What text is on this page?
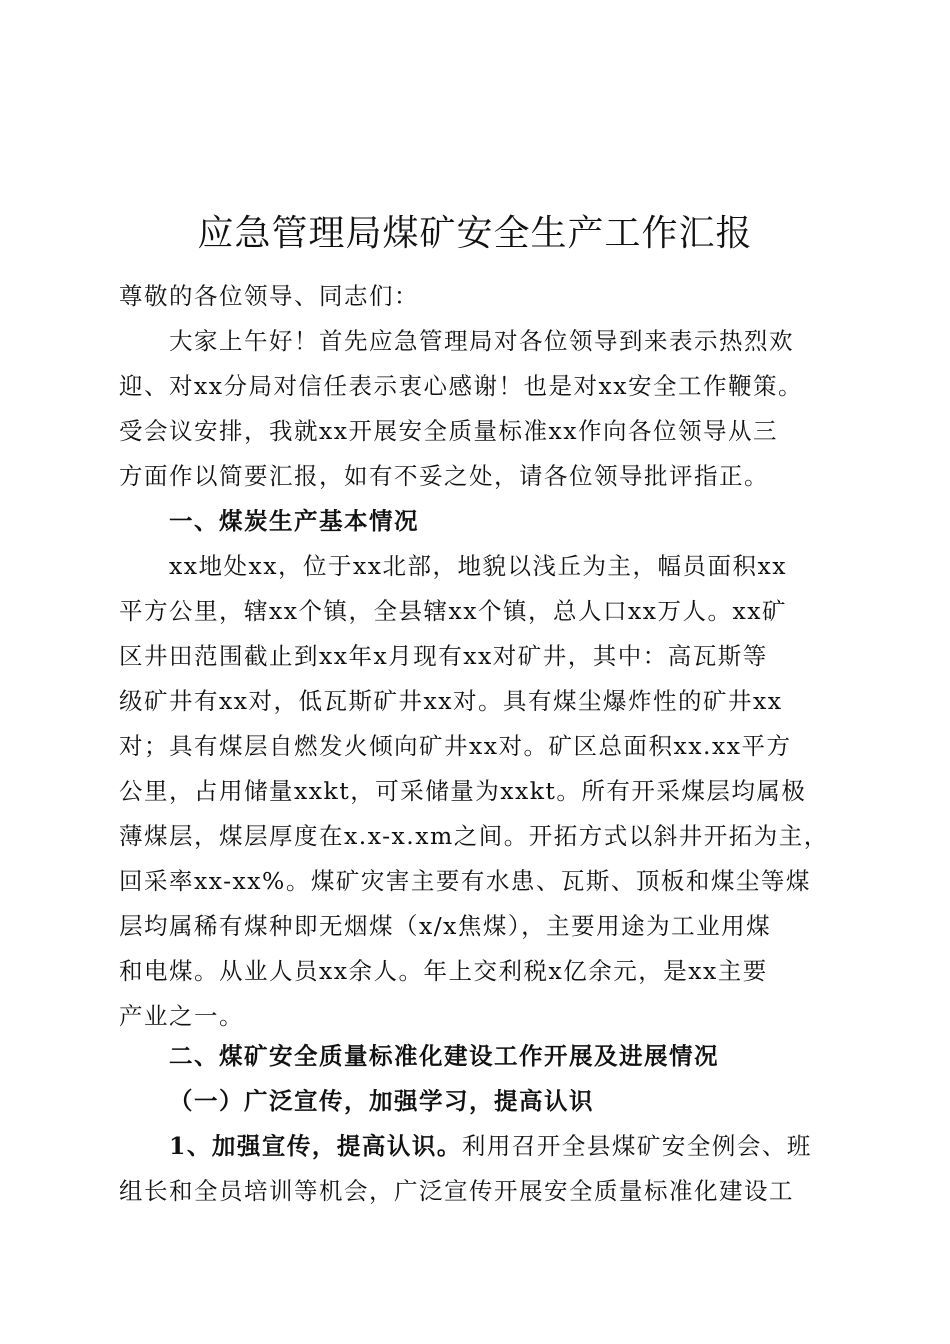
应急管理局煤矿安全生产工作汇报
尊敬的各位领导、同志们：
大家上午好！首先应急管理局对各位领导到来表示热烈欢
迎、对xx分局对信任表示衷心感谢！也是对xx安全工作鞭策。
受会议安排，我就xx开展安全质量标准xx作向各位领导从三
方面作以简要汇报，如有不妥之处，请各位领导批评指正。
一、煤炭生产基本情况
xx地处xx，位于xx北部，地貌以浅丘为主，幅员面积xx
平方公里，辖xx个镇，全县辖xx个镇，总人口xx万人。xx矿
区井田范围截止到xx年x月现有xx对矿井，其中：高瓦斯等
级矿井有xx对，低瓦斯矿井xx对。具有煤尘爆炸性的矿井xx
对；具有煤层自燃发火倾向矿井xx对。矿区总面积xx.xx平方
公里，占用储量xxkt，可采储量为xxkt。所有开采煤层均属极
薄煤层，煤层厚度在x.x-x.xm之间。开拓方式以斜井开拓为主，
回采率xx-xx%。煤矿灾害主要有水患、瓦斯、顶板和煤尘等煤
层均属稀有煤种即无烟煤（x/x焦煤），主要用途为工业用煤
和电煤。从业人员xx余人。年上交利税x亿余元，是xx主要
产业之一。
二、煤矿安全质量标准化建设工作开展及进展情况
（一）广泛宣传，加强学习，提高认识
1、加强宣传，提高认识。利用召开全县煤矿安全例会、班
组长和全员培训等机会，广泛宣传开展安全质量标准化建设工
